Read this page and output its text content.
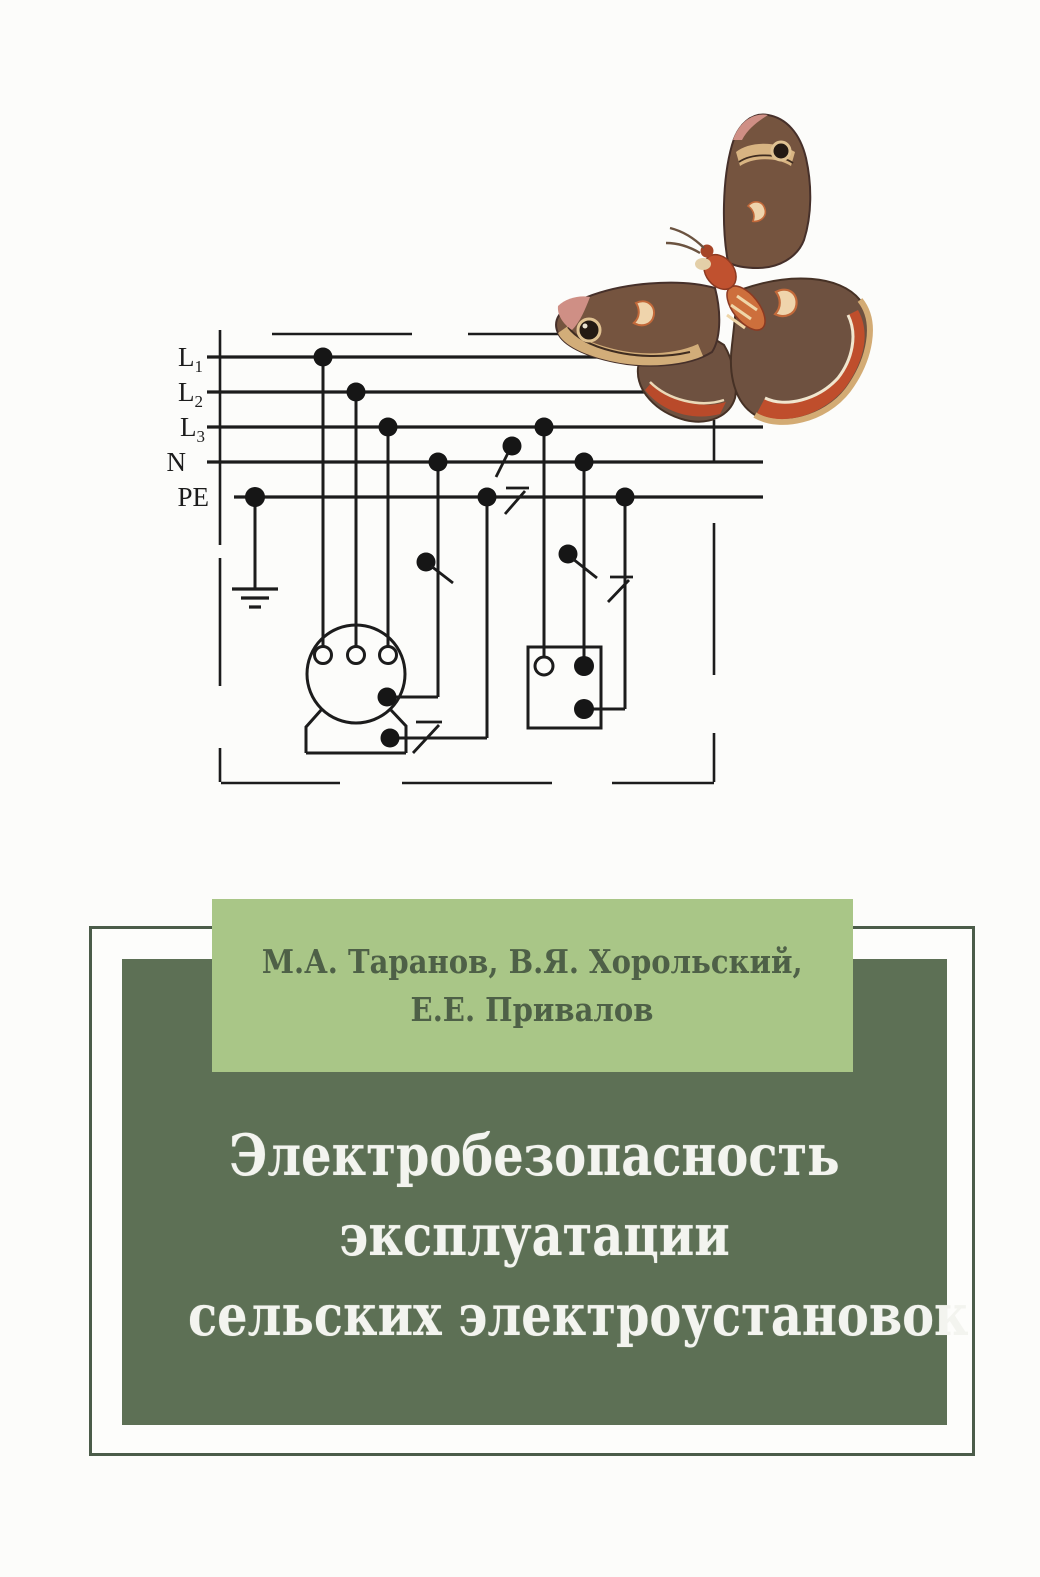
$L_1$
$L_2$
$L_3$
N
PE
М.А. Таранов, В.Я. Хорольский,
Е.Е. Привалов
Электробезопасность
эксплуатации
сельских электроустановок
